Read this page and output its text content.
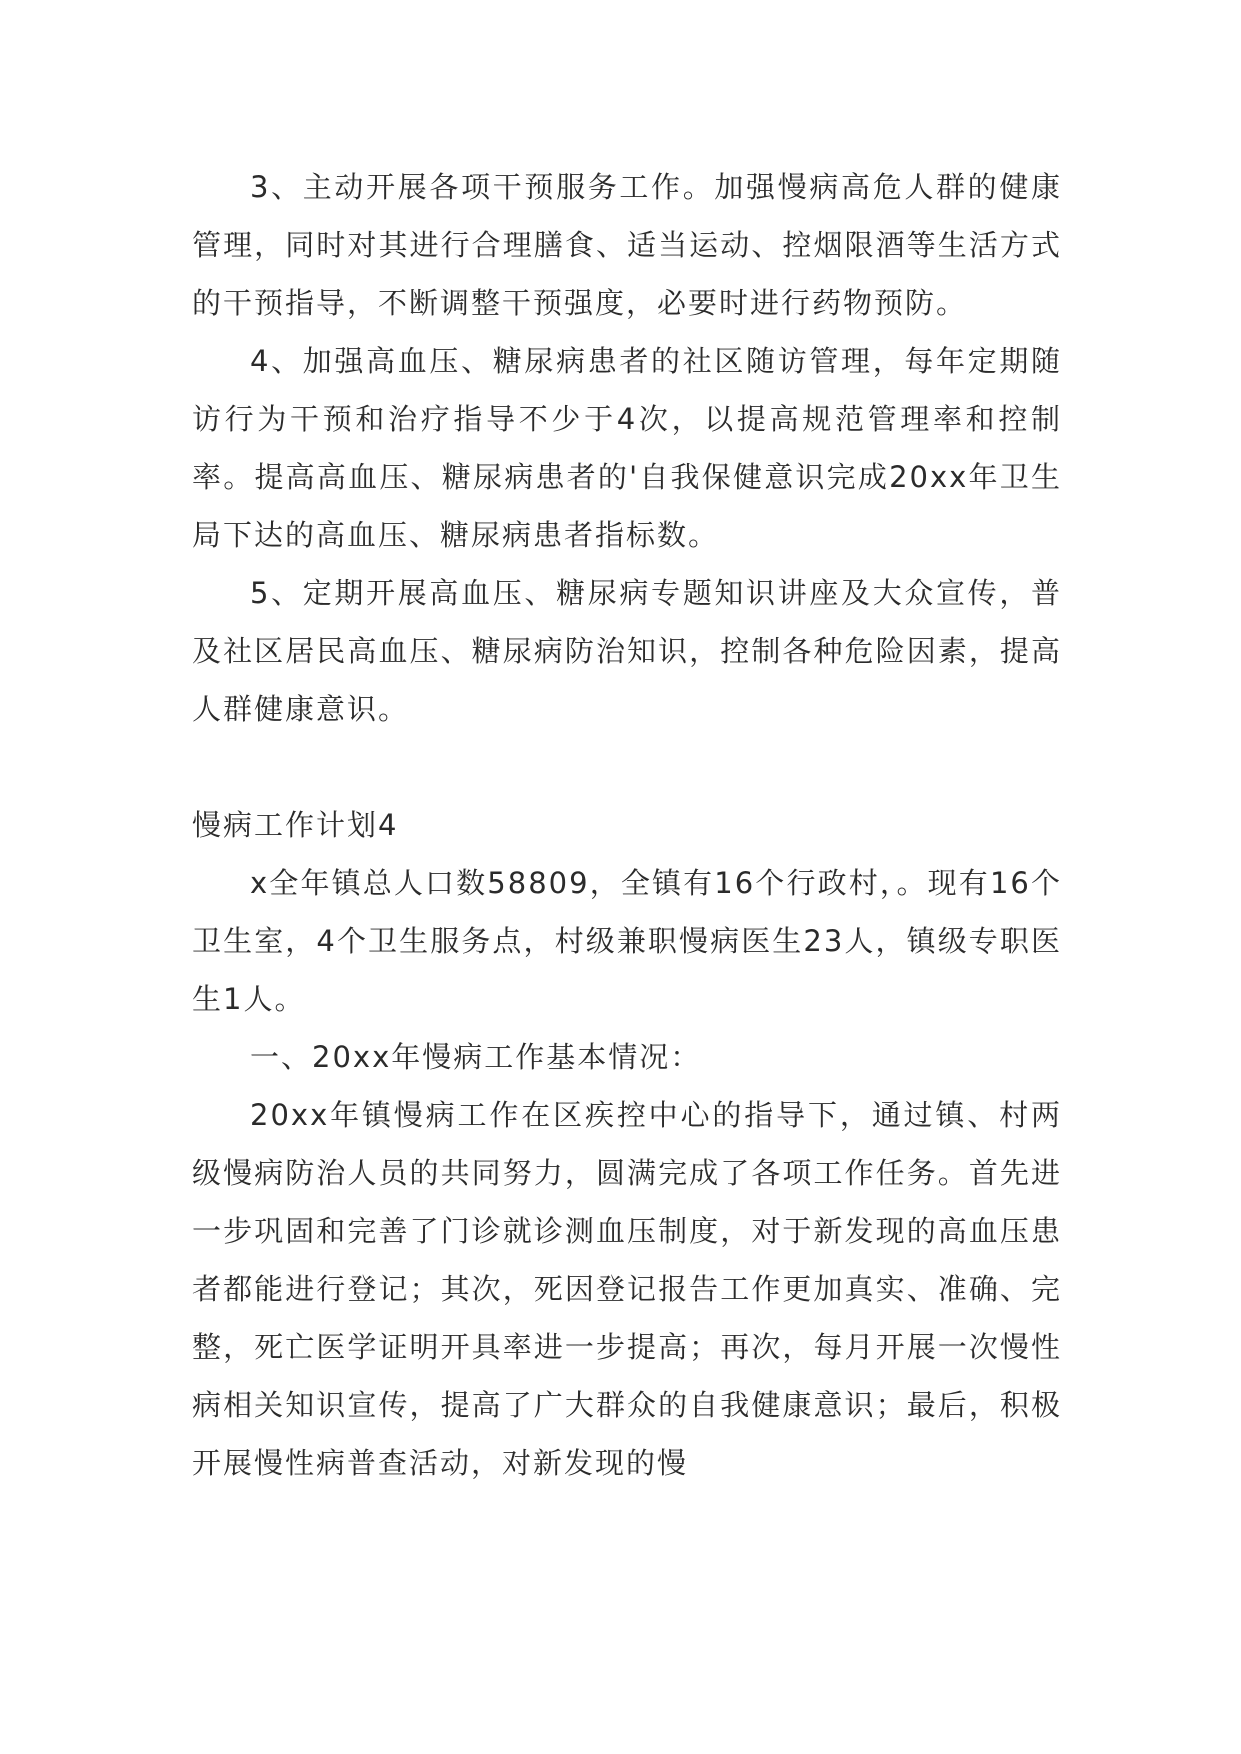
3、主动开展各项干预服务工作。加强慢病高危人群的健康管理，同时对其进行合理膳食、适当运动、控烟限酒等生活方式的干预指导，不断调整干预强度，必要时进行药物预防。

4、加强高血压、糖尿病患者的社区随访管理，每年定期随访行为干预和治疗指导不少于4次，以提高规范管理率和控制率。提高高血压、糖尿病患者的'自我保健意识完成20xx年卫生局下达的高血压、糖尿病患者指标数。

5、定期开展高血压、糖尿病专题知识讲座及大众宣传，普及社区居民高血压、糖尿病防治知识，控制各种危险因素，提高人群健康意识。

慢病工作计划4

x全年镇总人口数58809，全镇有16个行政村，。现有16个卫生室，4个卫生服务点，村级兼职慢病医生23人，镇级专职医生1人。

一、20xx年慢病工作基本情况：

20xx年镇慢病工作在区疾控中心的指导下，通过镇、村两级慢病防治人员的共同努力，圆满完成了各项工作任务。首先进一步巩固和完善了门诊就诊测血压制度，对于新发现的高血压患者都能进行登记；其次，死因登记报告工作更加真实、准确、完整，死亡医学证明开具率进一步提高；再次，每月开展一次慢性病相关知识宣传，提高了广大群众的自我健康意识；最后，积极开展慢性病普查活动，对新发现的慢
